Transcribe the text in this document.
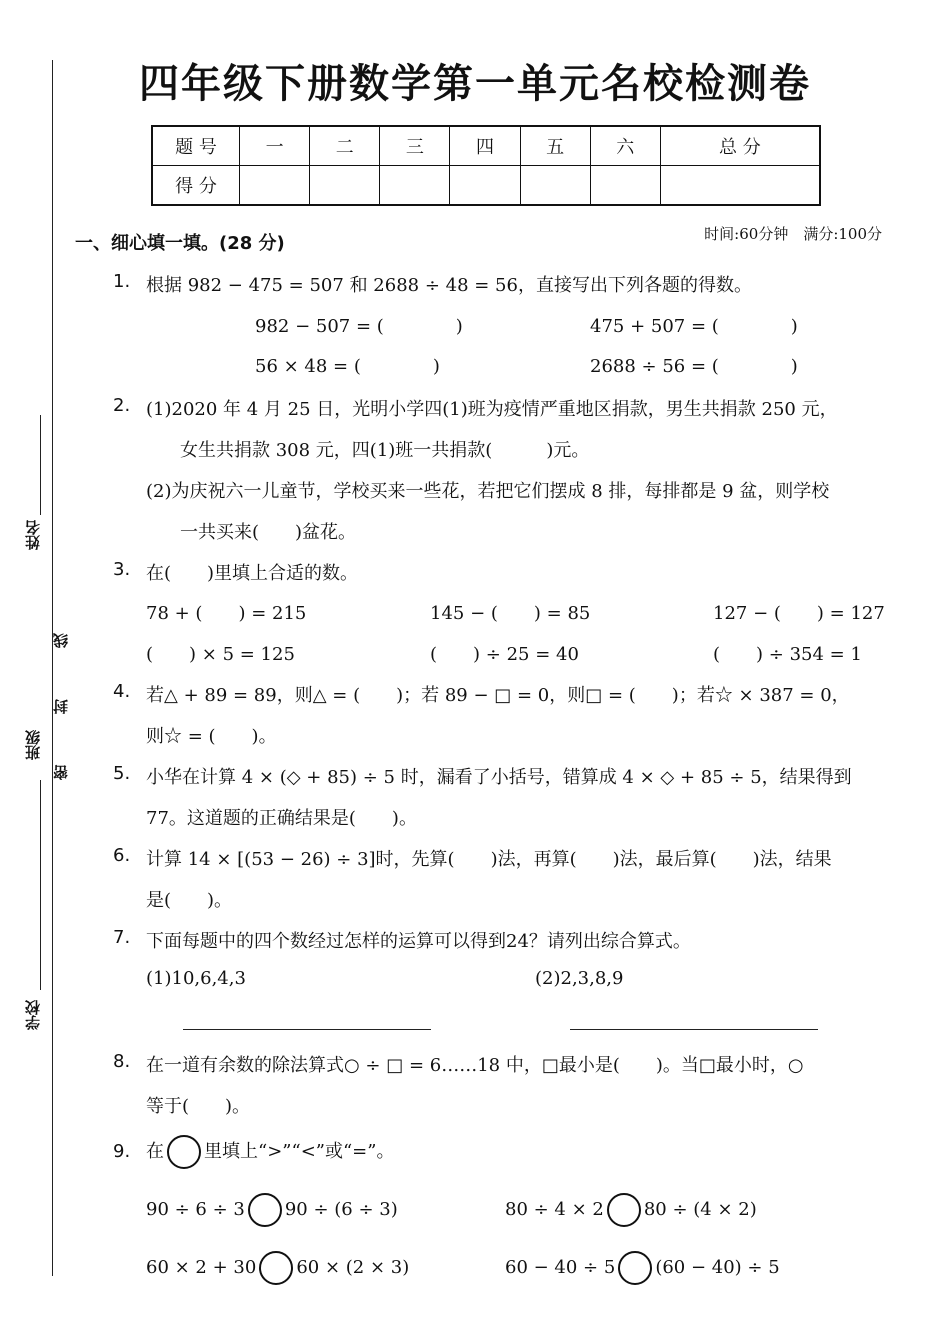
姓名
密　封　线
班级
学校
四年级下册数学第一单元名校检测卷
题 号	一	二	三	四	五	六	总 分
得 分							
时间:60分钟　满分:100分
一、细心填一填。(28 分)
1. 根据 982 − 475 = 507 和 2688 ÷ 48 = 56，直接写出下列各题的得数。
982 − 507 = (　　　　)	475 + 507 = (　　　　)
56 × 48 = (　　　　)	2688 ÷ 56 = (　　　　)
2. (1)2020 年 4 月 25 日，光明小学四(1)班为疫情严重地区捐款，男生共捐款 250 元，
女生共捐款 308 元，四(1)班一共捐款(　　　)元。
(2)为庆祝六一儿童节，学校买来一些花，若把它们摆成 8 排，每排都是 9 盆，则学校
一共买来(　　)盆花。
3. 在(　　)里填上合适的数。
78 + (　　) = 215	145 − (　　) = 85	127 − (　　) = 127
(　　) × 5 = 125	(　　) ÷ 25 = 40	(　　) ÷ 354 = 1
4. 若△ + 89 = 89，则△ = (　　)；若 89 − □ = 0，则□ = (　　)；若☆ × 387 = 0，
则☆ = (　　)。
5. 小华在计算 4 × (◇ + 85) ÷ 5 时，漏看了小括号，错算成 4 × ◇ + 85 ÷ 5，结果得到
77。这道题的正确结果是(　　)。
6. 计算 14 × [(53 − 26) ÷ 3]时，先算(　　)法，再算(　　)法，最后算(　　)法，结果
是(　　)。
7. 下面每题中的四个数经过怎样的运算可以得到24？请列出综合算式。
(1)10,6,4,3	(2)2,3,8,9
8. 在一道有余数的除法算式○ ÷ □ = 6……18 中，□最小是(　　)。当□最小时，○
等于(　　)。
9. 在 里填上“>”“<”或“=”。
90 ÷ 6 ÷ 3 90 ÷ (6 ÷ 3)	80 ÷ 4 × 2 80 ÷ (4 × 2)
60 × 2 + 30 60 × (2 × 3)	60 − 40 ÷ 5 (60 − 40) ÷ 5
